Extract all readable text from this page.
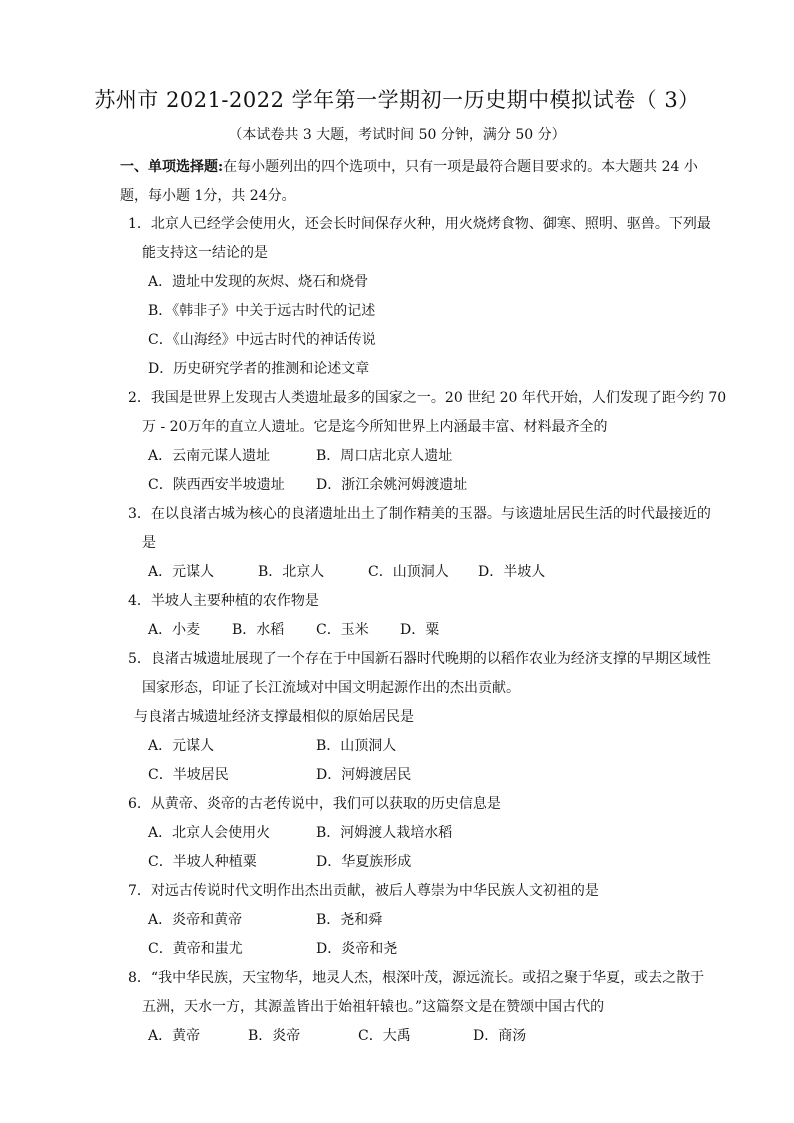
苏州市 2021-2022 学年第一学期初一历史期中模拟试卷（ 3）
（本试卷共 3 大题，考试时间 50 分钟，满分 50 分）
一、单项选择题:在每小题列出的四个选项中，只有一项是最符合题目要求的。本大题共 24 小
题，每小题 1分，共 24分。
1．北京人已经学会使用火，还会长时间保存火种，用火烧烤食物、御寒、照明、驱兽。下列最
能支持这一结论的是
A．遗址中发现的灰烬、烧石和烧骨
B．《韩非子》中关于远古时代的记述
C．《山海经》中远古时代的神话传说
D．历史研究学者的推测和论述文章
2．我国是世界上发现古人类遗址最多的国家之一。20 世纪 20 年代开始，人们发现了距今约 70
万 - 20万年的直立人遗址。它是迄今所知世界上内涵最丰富、材料最齐全的
A．云南元谋人遗址	B．周口店北京人遗址
C．陕西西安半坡遗址 D．浙江余姚河姆渡遗址
3．在以良渚古城为核心的良渚遗址出土了制作精美的玉器。与该遗址居民生活的时代最接近的
是
A．元谋人	B．北京人	C．山顶洞人 D．半坡人
4．半坡人主要种植的农作物是
A．小麦 B．水稻 C．玉米 D．粟
5．良渚古城遗址展现了一个存在于中国新石器时代晚期的以稻作农业为经济支撑的早期区域性
国家形态，印证了长江流域对中国文明起源作出的杰出贡献。
与良渚古城遗址经济支撑最相似的原始居民是
A．元谋人	B．山顶洞人
C．半坡居民	D．河姆渡居民
6．从黄帝、炎帝的古老传说中，我们可以获取的历史信息是
A．北京人会使用火	B．河姆渡人栽培水稻
C．半坡人种植粟	D．华夏族形成
7．对远古传说时代文明作出杰出贡献，被后人尊崇为中华民族人文初祖的是
A．炎帝和黄帝	B．尧和舜
C．黄帝和蚩尤	D．炎帝和尧
8．“我中华民族，天宝物华，地灵人杰，根深叶茂，源远流长。或招之聚于华夏，或去之散于
五洲，天水一方，其源盖皆出于始祖轩辕也。”这篇祭文是在赞颂中国古代的
A．黄帝	B．炎帝	C．大禹	D．商汤
